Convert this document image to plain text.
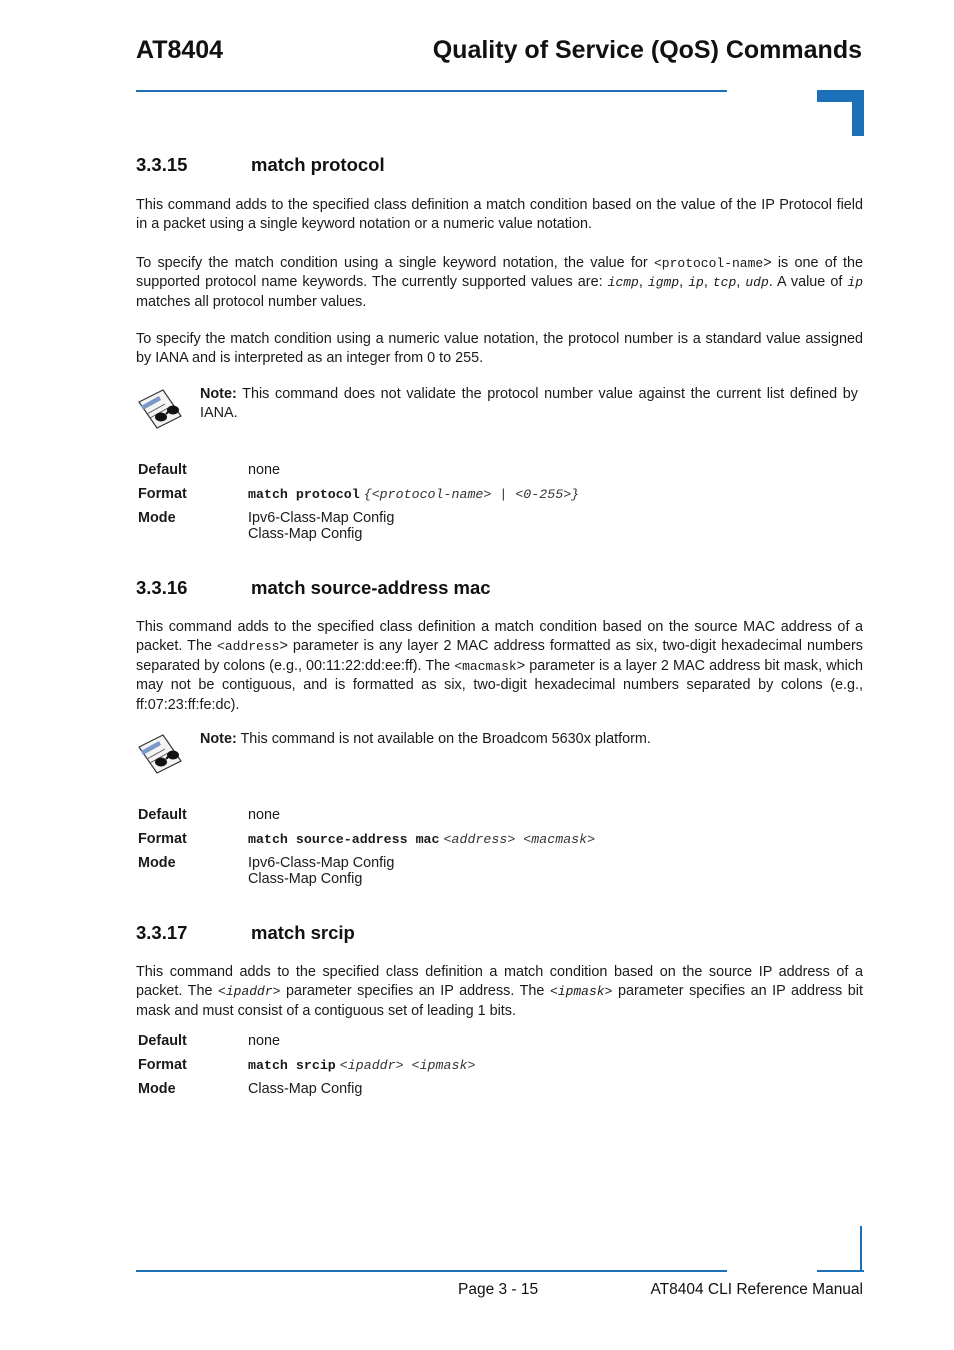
AT8404	Quality of Service (QoS) Commands
3.3.15	match protocol
This command adds to the specified class definition a match condition based on the value of the IP Protocol field in a packet using a single keyword notation or a numeric value notation.
To specify the match condition using a single keyword notation, the value for <protocol-name> is one of the supported protocol name keywords. The currently supported values are: icmp, igmp, ip, tcp, udp. A value of ip matches all protocol number values.
To specify the match condition using a numeric value notation, the protocol number is a standard value assigned by IANA and is interpreted as an integer from 0 to 255.
Note: This command does not validate the protocol number value against the current list defined by IANA.
Default	none
Format	match protocol {<protocol-name> | <0-255>}
Mode	Ipv6-Class-Map Config
Class-Map Config
3.3.16	match source-address mac
This command adds to the specified class definition a match condition based on the source MAC address of a packet. The <address> parameter is any layer 2 MAC address formatted as six, two-digit hexadecimal numbers separated by colons (e.g., 00:11:22:dd:ee:ff). The <macmask> parameter is a layer 2 MAC address bit mask, which may not be contiguous, and is formatted as six, two-digit hexadecimal numbers separated by colons (e.g., ff:07:23:ff:fe:dc).
Note: This command is not available on the Broadcom 5630x platform.
Default	none
Format	match source-address mac <address> <macmask>
Mode	Ipv6-Class-Map Config
Class-Map Config
3.3.17	match srcip
This command adds to the specified class definition a match condition based on the source IP address of a packet. The <ipaddr> parameter specifies an IP address. The <ipmask> parameter specifies an IP address bit mask and must consist of a contiguous set of leading 1 bits.
Default	none
Format	match srcip <ipaddr> <ipmask>
Mode	Class-Map Config
Page 3 - 15	AT8404 CLI Reference Manual
